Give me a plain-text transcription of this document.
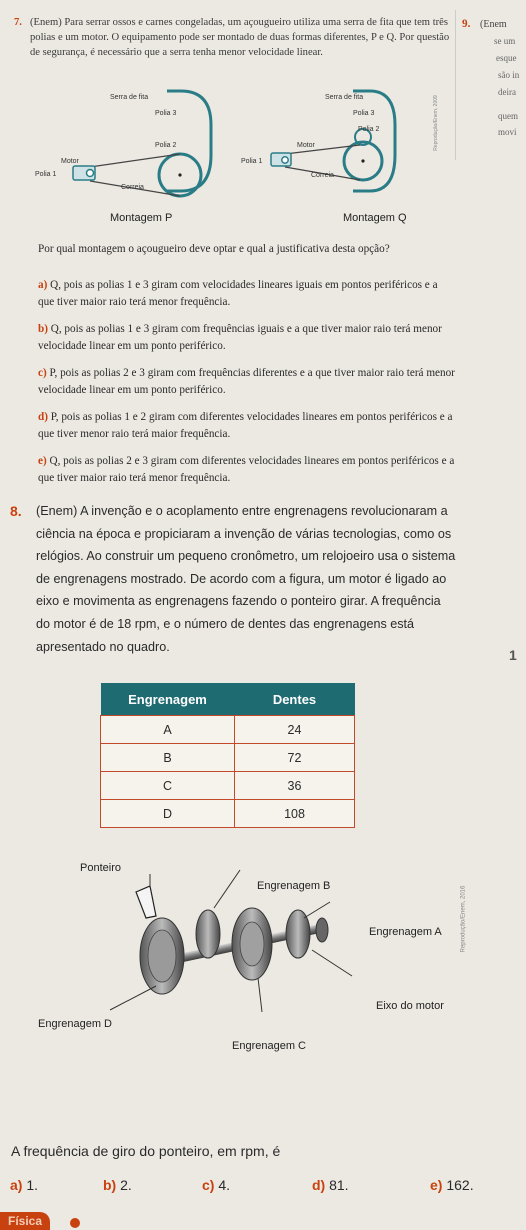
9. (Enem
se um
esque
são in
deira
quem
movi
7. (Enem) Para serrar ossos e carnes congeladas, um açougueiro utiliza uma serra de fita que tem três polias e um motor. O equipamento pode ser montado de duas formas diferentes, P e Q. Por questão de segurança, é necessário que a serra tenha menor velocidade linear.
Serra de fita
Polia 3
Polia 2
Motor
Polia 1
Correia
Montagem P
Serra de fita
Polia 3
Polia 2
Motor
Polia 1
Correia
Montagem Q
Reprodução/Enem, 2009
Por qual montagem o açougueiro deve optar e qual a justificativa desta opção?
a) Q, pois as polias 1 e 3 giram com velocidades lineares iguais em pontos periféricos e a que tiver maior raio terá menor frequência.
b) Q, pois as polias 1 e 3 giram com frequências iguais e a que tiver maior raio terá menor velocidade linear em um ponto periférico.
c) P, pois as polias 2 e 3 giram com frequências diferentes e a que tiver maior raio terá menor velocidade linear em um ponto periférico.
d) P, pois as polias 1 e 2 giram com diferentes velocidades lineares em pontos periféricos e a que tiver menor raio terá maior frequência.
e) Q, pois as polias 2 e 3 giram com diferentes velocidades lineares em pontos periféricos e a que tiver maior raio terá menor frequência.
8. (Enem) A invenção e o acoplamento entre engrenagens revolucionaram a ciência na época e propiciaram a invenção de várias tecnologias, como os relógios. Ao construir um pequeno cronômetro, um relojoeiro usa o sistema de engrenagens mostrado. De acordo com a figura, um motor é ligado ao eixo e movimenta as engrenagens fazendo o ponteiro girar. A frequência do motor é de 18 rpm, e o número de dentes das engrenagens está apresentado no quadro.
1
Engrenagem	Dentes
A	24
B	72
C	36
D	108
Ponteiro
Engrenagem B
Engrenagem A
Eixo do motor
Engrenagem D
Engrenagem C
Reprodução/Enem, 2016
A frequência de giro do ponteiro, em rpm, é
a) 1.	b) 2.	c) 4.	d) 81.	e) 162.
Física
